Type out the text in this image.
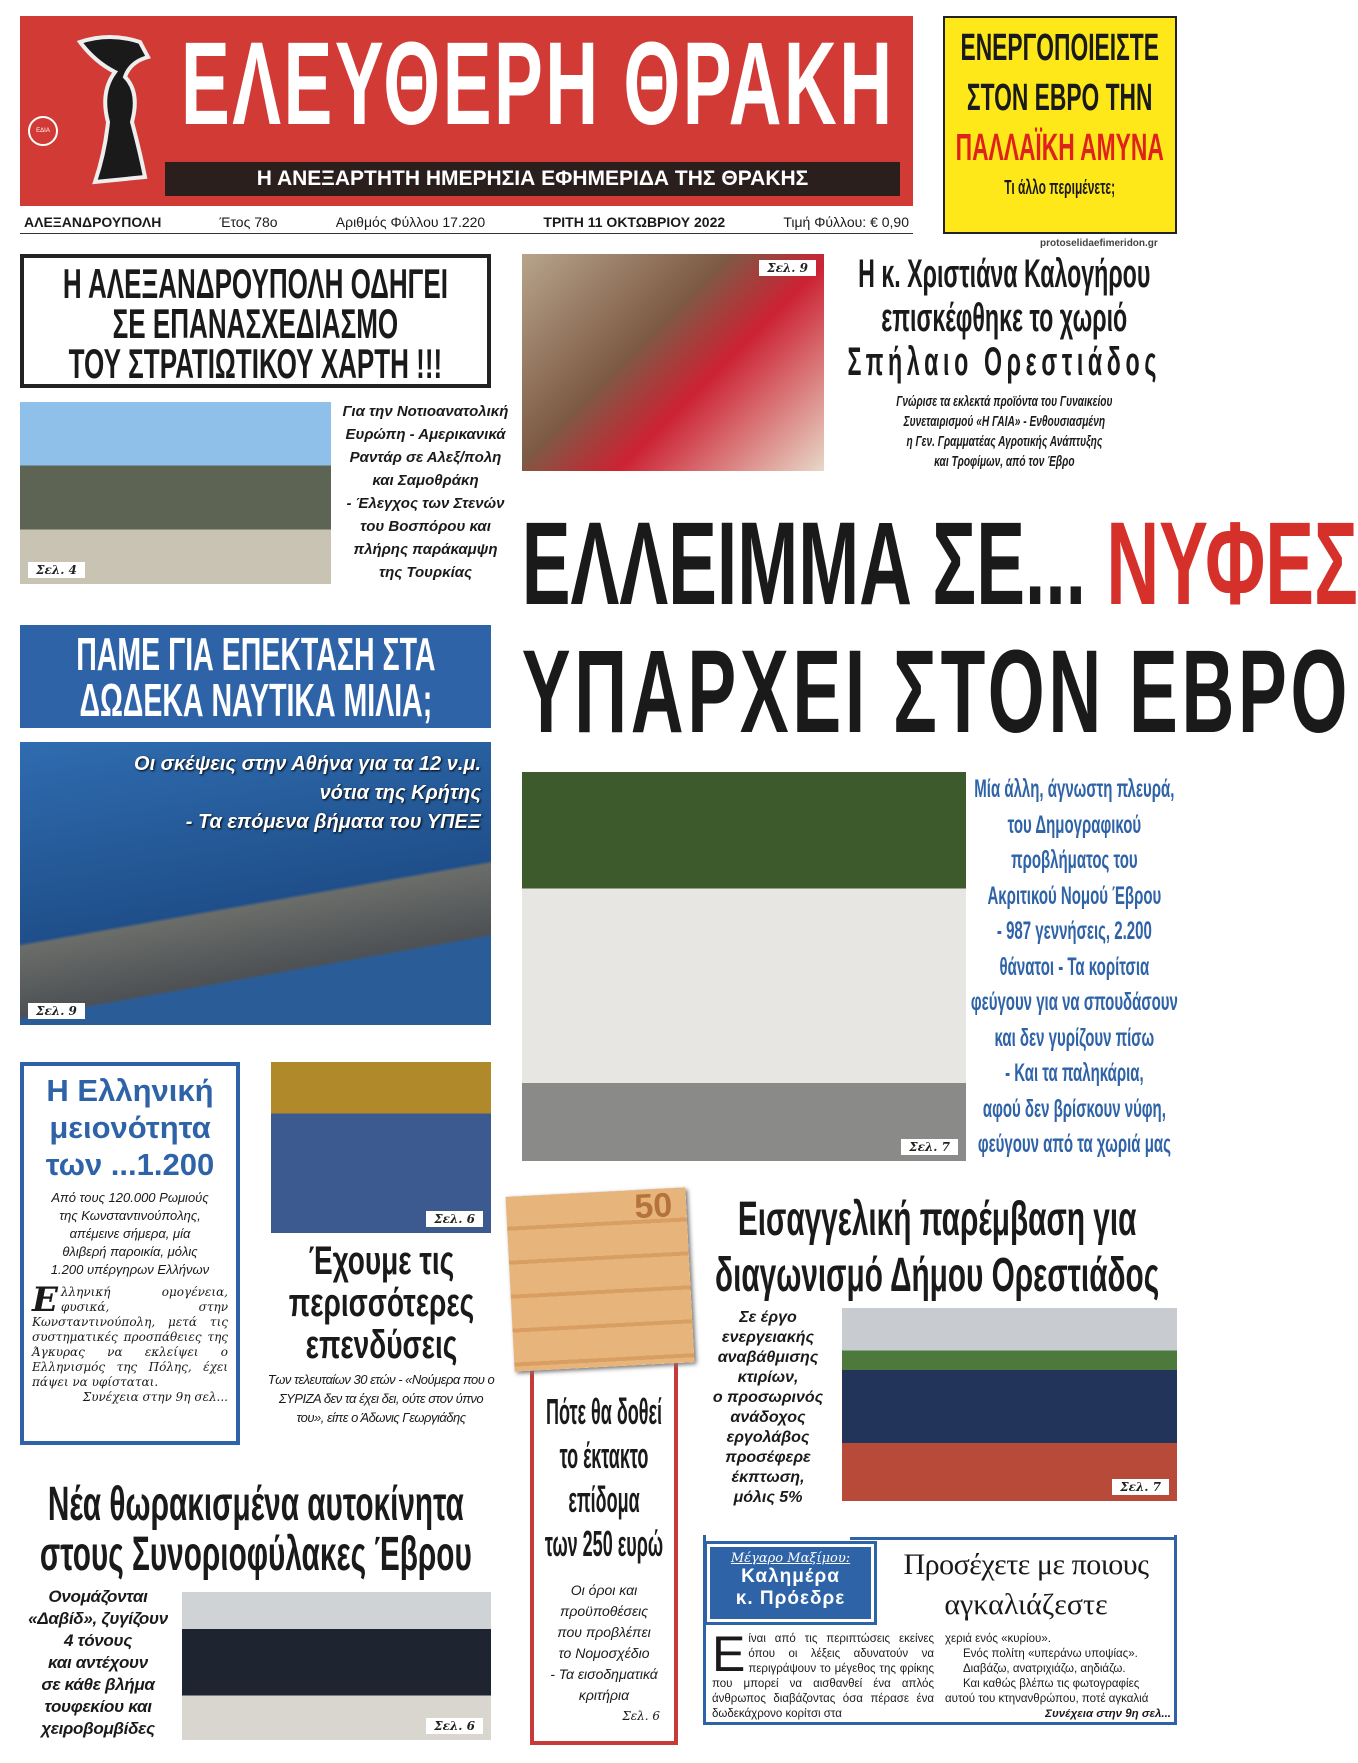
ΕΔΙΑ ΕΛΕΥΘΕΡΗ ΘΡΑΚΗ
Η ΑΝΕΞΑΡΤΗΤΗ ΗΜΕΡΗΣΙΑ ΕΦΗΜΕΡΙΔΑ ΤΗΣ ΘΡΑΚΗΣ
ΑΛΕΞΑΝΔΡΟΥΠΟΛΗ	Έτος 78ο	Αριθμός Φύλλου 17.220	ΤΡΙΤΗ 11 ΟΚΤΩΒΡΙΟΥ 2022	Τιμή Φύλλου: € 0,90
ΕΝΕΡΓΟΠΟΙΕΙΣΤΕ
ΣΤΟΝ ΕΒΡΟ ΤΗΝ
ΠΑΛΛΑΪΚΗ ΑΜΥΝΑ
Τι άλλο περιμένετε;
protoselidaefimeridon.gr
Η ΑΛΕΞΑΝΔΡΟΥΠΟΛΗ ΟΔΗΓΕΙ
ΣΕ ΕΠΑΝΑΣΧΕΔΙΑΣΜΟ
ΤΟΥ ΣΤΡΑΤΙΩΤΙΚΟΥ ΧΑΡΤΗ !!!
Σελ. 4
Για την Νοτιοανατολική
Ευρώπη - Αμερικανικά
Ραντάρ σε Αλεξ/πολη
και Σαμοθράκη
- Έλεγχος των Στενών
του Βοσπόρου και
πλήρης παράκαμψη
της Τουρκίας
Σελ. 9	Η κ. Χριστιάνα Καλογήρου
επισκέφθηκε το χωριό
Σπήλαιο Ορεστιάδος
Γνώρισε τα εκλεκτά προϊόντα του Γυναικείου
Συνεταιρισμού «Η ΓΑΙΑ» - Ενθουσιασμένη
η Γεν. Γραμματέας Αγροτικής Ανάπτυξης
και Τροφίμων, από τον Έβρο
ΕΛΛΕΙΜΜΑ ΣΕ... ΝΥΦΕΣ
ΥΠΑΡΧΕΙ ΣΤΟΝ ΕΒΡΟ
Σελ. 7
Μία άλλη, άγνωστη πλευρά,
του Δημογραφικού
προβλήματος του
Ακριτικού Νομού Έβρου
- 987 γεννήσεις, 2.200
θάνατοι - Τα κορίτσια
φεύγουν για να σπουδάσουν
και δεν γυρίζουν πίσω
- Και τα παληκάρια,
αφού δεν βρίσκουν νύφη,
φεύγουν από τα χωριά μας
ΠΑΜΕ ΓΙΑ ΕΠΕΚΤΑΣΗ ΣΤΑ
ΔΩΔΕΚΑ ΝΑΥΤΙΚΑ ΜΙΛΙΑ;
Οι σκέψεις στην Αθήνα για τα 12 ν.μ.
νότια της Κρήτης
- Τα επόμενα βήματα του ΥΠΕΞ
Σελ. 9
Η Ελληνική
μειονότητα
των ...1.200
Από τους 120.000 Ρωμιούς
της Κωνσταντινούπολης,
απέμεινε σήμερα, μία
θλιβερή παροικία, μόλις
1.200 υπέργηρων Ελλήνων
Ελληνική ομογένεια, φυσικά, στην Κωνσταντινούπολη, μετά τις συστηματικές προσπάθειες της Άγκυρας να εκλείψει ο Ελληνισμός της Πόλης, έχει πάψει να υφίσταται.
Συνέχεια στην 9η σελ...
Σελ. 6
Έχουμε τις
περισσότερες
επενδύσεις
Των τελευταίων 30 ετών - «Νούμερα που ο ΣΥΡΙΖΑ δεν τα έχει δει, ούτε στον ύπνο του», είπε ο Άδωνις Γεωργιάδης
50
Πότε θα δοθεί
το έκτακτο
επίδομα
των 250 ευρώ
Οι όροι και
προϋποθέσεις
που προβλέπει
το Νομοσχέδιο
- Τα εισοδηματικά
κριτήρια
Σελ. 6
Εισαγγελική παρέμβαση για
διαγωνισμό Δήμου Ορεστιάδος
Σε έργο
ενεργειακής
αναβάθμισης
κτιρίων,
ο προσωρινός
ανάδοχος
εργολάβος
προσέφερε
έκπτωση,
μόλις 5%
Σελ. 7
Νέα θωρακισμένα αυτοκίνητα
στους Συνοριοφύλακες Έβρου
Ονομάζονται
«Δαβίδ», ζυγίζουν
4 τόνους
και αντέχουν
σε κάθε βλήμα
τουφεκίου και
χειροβομβίδες	Σελ. 6
Μέγαρο Μαξίμου:
Καλημέρα
κ. Πρόεδρε
Προσέχετε με ποιους
αγκαλιάζεστε
Είναι από τις περιπτώσεις εκείνες όπου οι λέξεις αδυνατούν να περιγράψουν το μέγεθος της φρίκης που μπορεί να αισθανθεί ένα απλός άνθρωπος διαβάζοντας όσα πέρασε ένα δωδεκάχρονο κορίτσι στα
χεριά ενός «κυρίου».
Ενός πολίτη «υπεράνω υποψίας».
Διαβάζω, ανατριχιάζω, αηδιάζω.
Και καθώς βλέπω τις φωτογραφίες αυτού του κτηνανθρώπου, ποτέ αγκαλιά
Συνέχεια στην 9η σελ...
